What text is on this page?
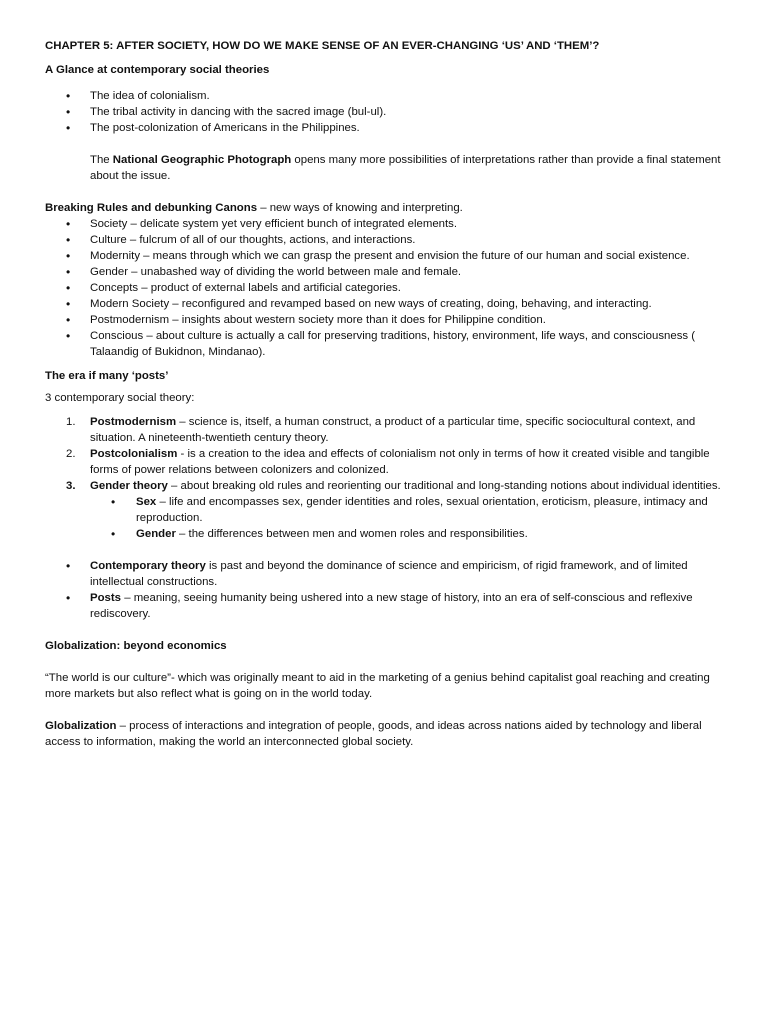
CHAPTER 5: AFTER SOCIETY, HOW DO WE MAKE SENSE OF AN EVER-CHANGING ‘US’ AND ‘THEM’?

A Glance at contemporary social theories

• The idea of colonialism.
• The tribal activity in dancing with the sacred image (bul-ul).
• The post-colonization of Americans in the Philippines.

The National Geographic Photograph opens many more possibilities of interpretations rather than provide a final statement about the issue.

Breaking Rules and debunking Canons – new ways of knowing and interpreting.

• Society – delicate system yet very efficient bunch of integrated elements.
• Culture – fulcrum of all of our thoughts, actions, and interactions.
• Modernity – means through which we can grasp the present and envision the future of our human and social existence.
• Gender – unabashed way of dividing the world between male and female.
• Concepts – product of external labels and artificial categories.
• Modern Society – reconfigured and revamped based on new ways of creating, doing, behaving, and interacting.
• Postmodernism – insights about western society more than it does for Philippine condition.
• Conscious – about culture is actually a call for preserving traditions, history, environment, life ways, and consciousness ( Talaandig of Bukidnon, Mindanao).

The era if many ‘posts’

3 contemporary social theory:

1. Postmodernism – science is, itself, a human construct, a product of a particular time, specific sociocultural context, and situation. A nineteenth-twentieth century theory.
2. Postcolonialism - is a creation to the idea and effects of colonialism not only in terms of how it created visible and tangible forms of power relations between colonizers and colonized.
3. Gender theory – about breaking old rules and reorienting our traditional and long-standing notions about individual identities.
• Sex – life and encompasses sex, gender identities and roles, sexual orientation, eroticism, pleasure, intimacy and reproduction.
• Gender – the differences between men and women roles and responsibilities.
• Contemporary theory is past and beyond the dominance of science and empiricism, of rigid framework, and of limited intellectual constructions.
• Posts – meaning, seeing humanity being ushered into a new stage of history, into an era of self-conscious and reflexive rediscovery.

Globalization: beyond economics

“The world is our culture”- which was originally meant to aid in the marketing of a genius behind capitalist goal reaching and creating more markets but also reflect what is going on in the world today.

Globalization – process of interactions and integration of people, goods, and ideas across nations aided by technology and liberal access to information, making the world an interconnected global society.
